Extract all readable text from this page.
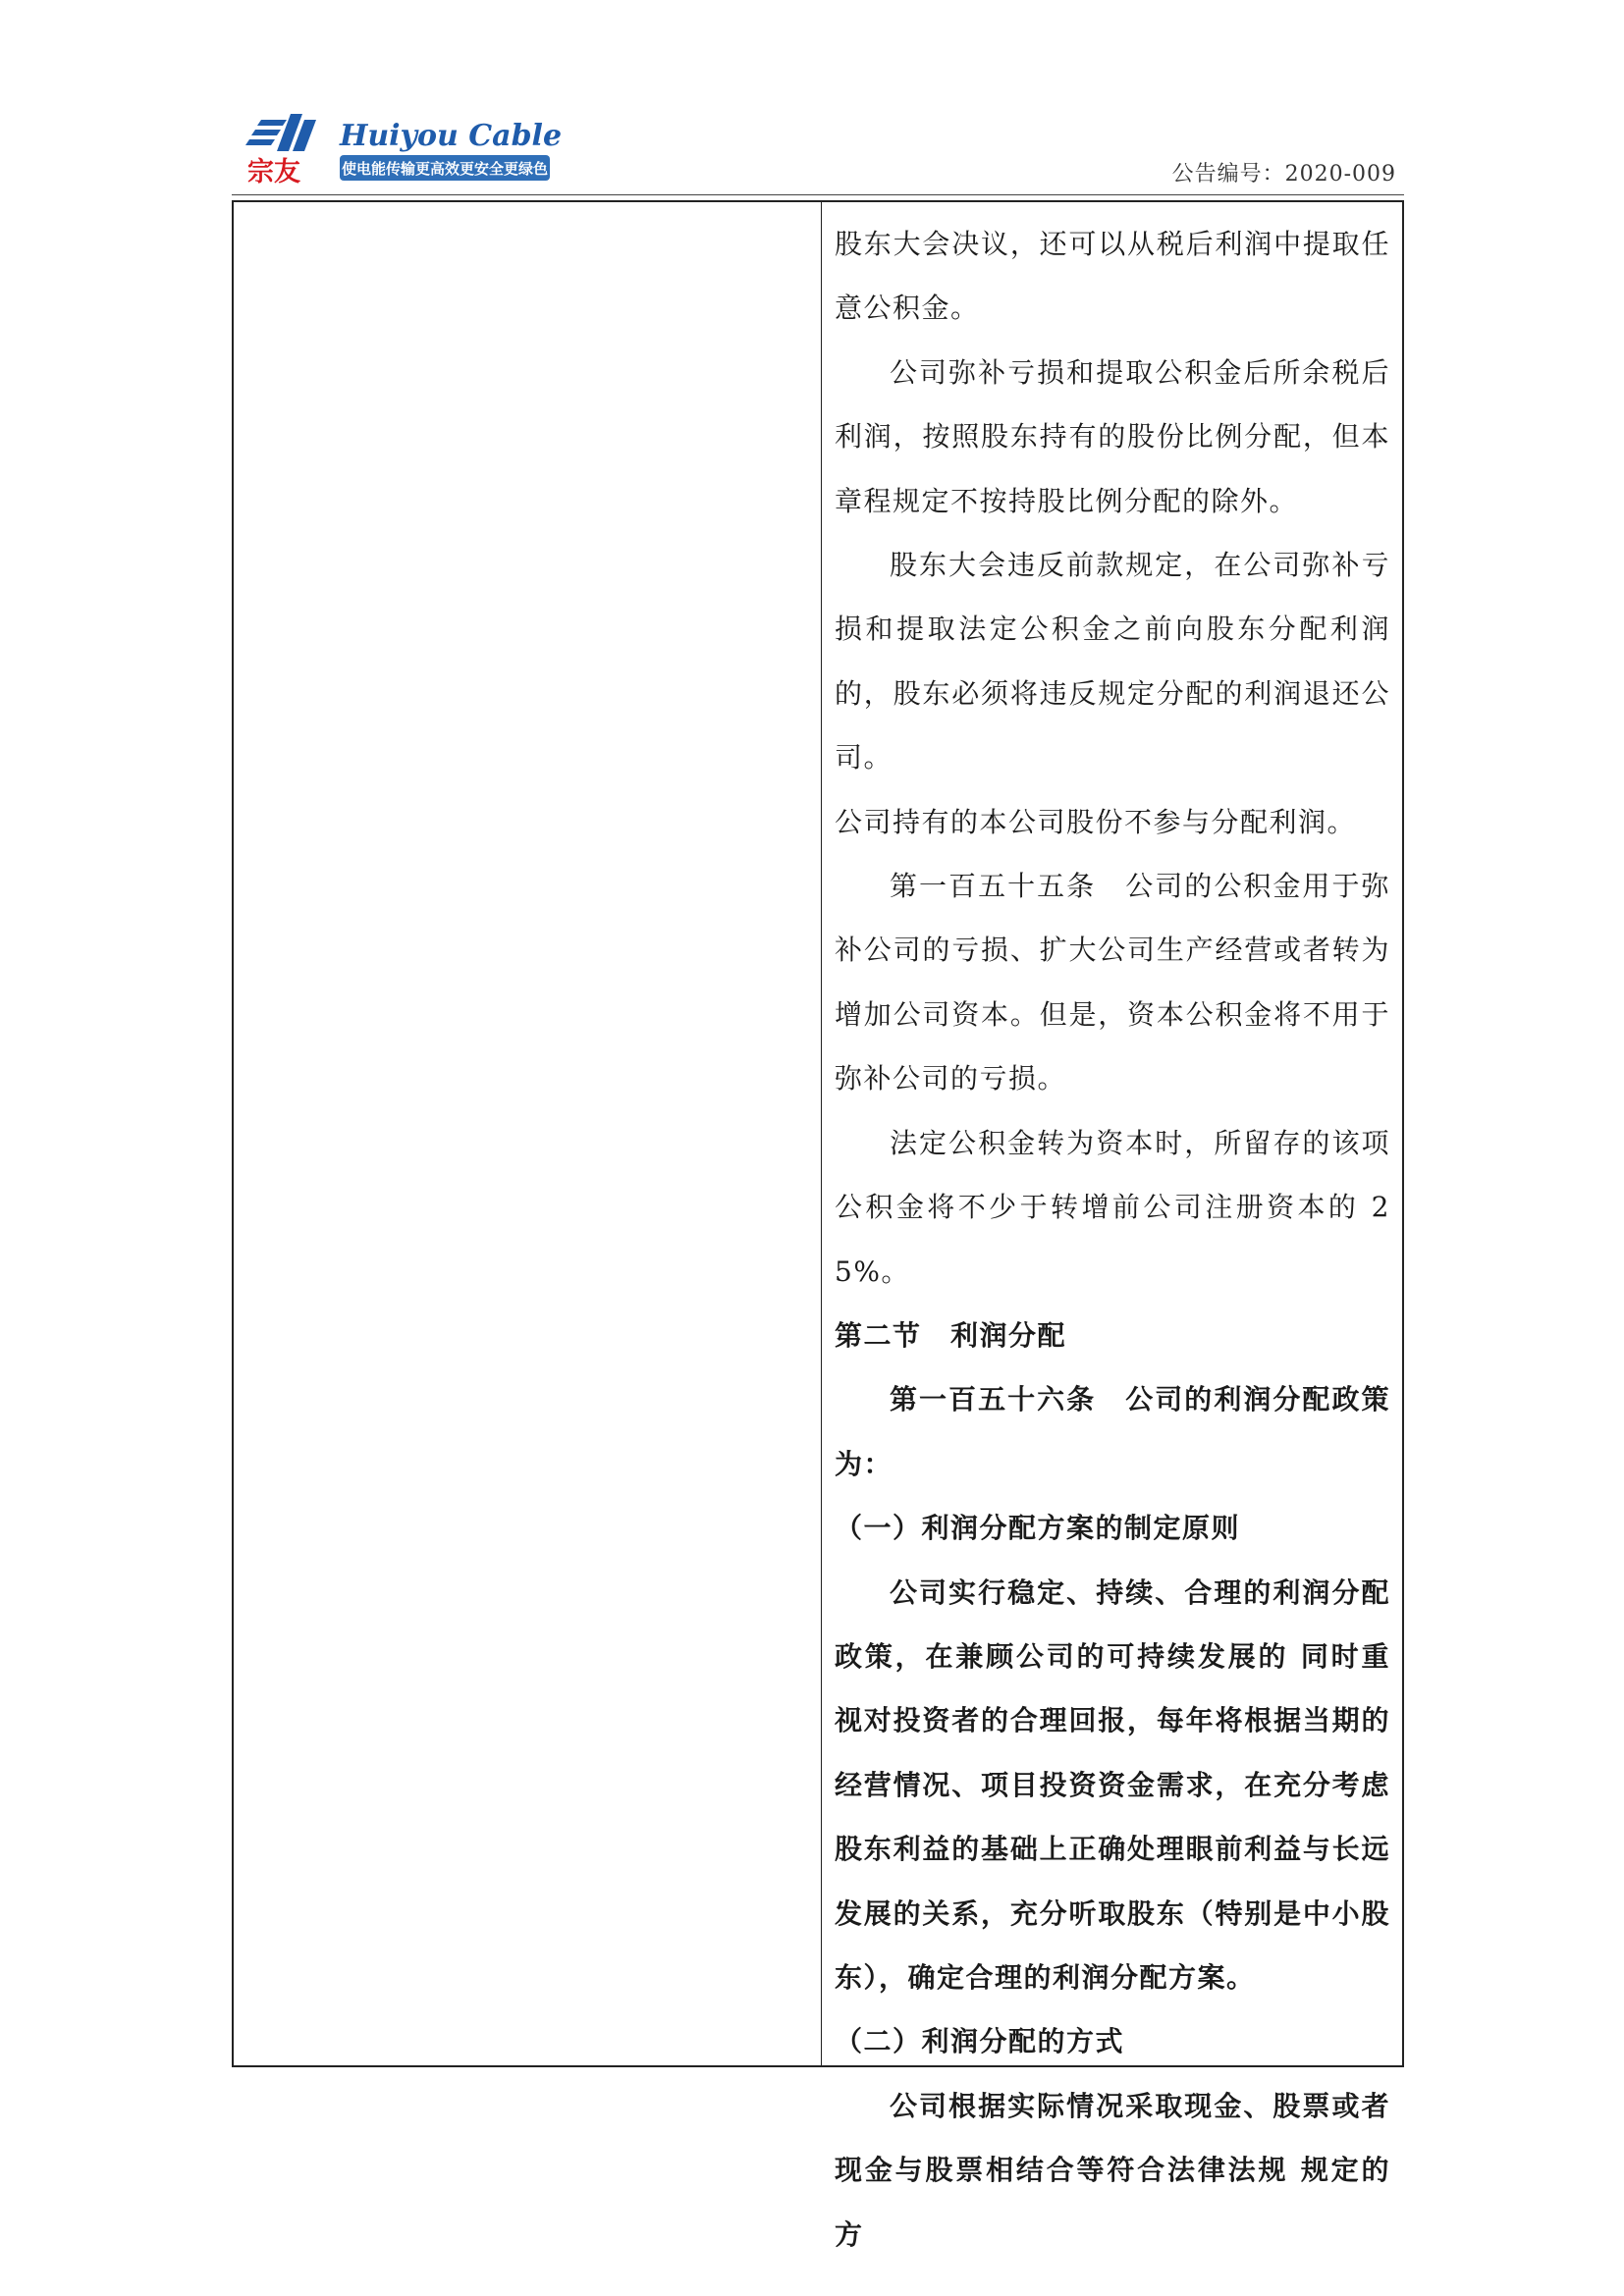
宗友
Huiyou Cable
使电能传输更高效更安全更绿色	公告编号：2020-009

股东大会决议，还可以从税后利润中提取任意公积金。

公司弥补亏损和提取公积金后所余税后利润，按照股东持有的股份比例分配，但本章程规定不按持股比例分配的除外。

股东大会违反前款规定，在公司弥补亏损和提取法定公积金之前向股东分配利润的，股东必须将违反规定分配的利润退还公司。

公司持有的本公司股份不参与分配利润。

第一百五十五条　公司的公积金用于弥补公司的亏损、扩大公司生产经营或者转为增加公司资本。但是，资本公积金将不用于弥补公司的亏损。

法定公积金转为资本时，所留存的该项公积金将不少于转增前公司注册资本的 25%。

第二节　利润分配

第一百五十六条　公司的利润分配政策为：

（一）利润分配方案的制定原则

公司实行稳定、持续、合理的利润分配政策，在兼顾公司的可持续发展的 同时重视对投资者的合理回报，每年将根据当期的经营情况、项目投资资金需求，在充分考虑股东利益的基础上正确处理眼前利益与长远发展的关系，充分听取股东（特别是中小股东），确定合理的利润分配方案。

（二）利润分配的方式

公司根据实际情况采取现金、股票或者现金与股票相结合等符合法律法规 规定的方
